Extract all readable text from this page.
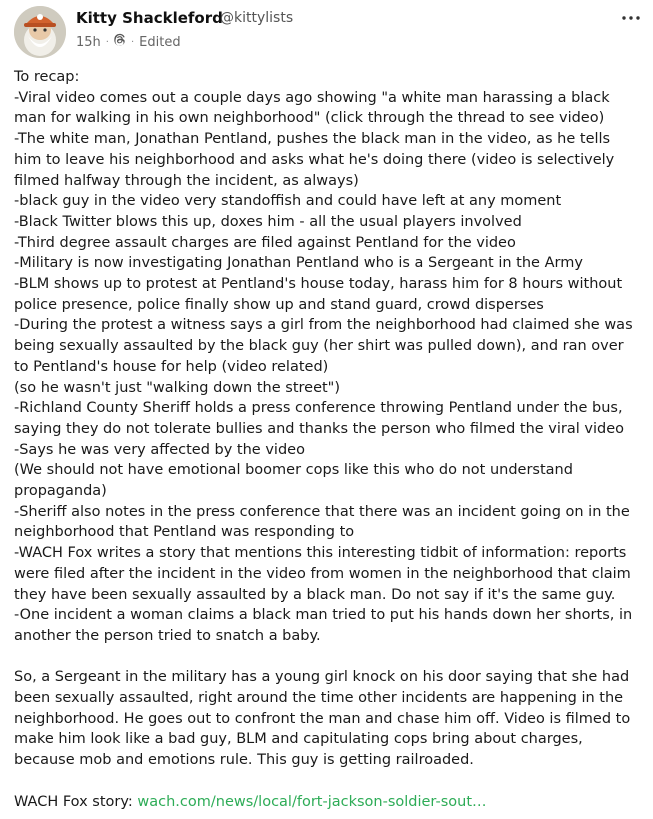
Kitty Shackleford
@kittylists
15h · · Edited

To recap:

-Viral video comes out a couple days ago showing "a white man harassing a black

man for walking in his own neighborhood" (click through the thread to see video)

-The white man, Jonathan Pentland, pushes the black man in the video, as he tells

him to leave his neighborhood and asks what he's doing there (video is selectively

filmed halfway through the incident, as always)

-black guy in the video very standoffish and could have left at any moment

-Black Twitter blows this up, doxes him - all the usual players involved

-Third degree assault charges are filed against Pentland for the video

-Military is now investigating Jonathan Pentland who is a Sergeant in the Army

-BLM shows up to protest at Pentland's house today, harass him for 8 hours without

police presence, police finally show up and stand guard, crowd disperses

-During the protest a witness says a girl from the neighborhood had claimed she was

being sexually assaulted by the black guy (her shirt was pulled down), and ran over

to Pentland's house for help (video related)

(so he wasn't just "walking down the street")

-Richland County Sheriff holds a press conference throwing Pentland under the bus,

saying they do not tolerate bullies and thanks the person who filmed the viral video

-Says he was very affected by the video

(We should not have emotional boomer cops like this who do not understand

propaganda)

-Sheriff also notes in the press conference that there was an incident going on in the

neighborhood that Pentland was responding to

-WACH Fox writes a story that mentions this interesting tidbit of information: reports

were filed after the incident in the video from women in the neighborhood that claim

they have been sexually assaulted by a black man. Do not say if it's the same guy.

-One incident a woman claims a black man tried to put his hands down her shorts, in

another the person tried to snatch a baby.

So, a Sergeant in the military has a young girl knock on his door saying that she had

been sexually assaulted, right around the time other incidents are happening in the

neighborhood. He goes out to confront the man and chase him off. Video is filmed to

make him look like a bad guy, BLM and capitulating cops bring about charges,

because mob and emotions rule. This guy is getting railroaded.

WACH Fox story: wach.com/news/local/fort-jackson-soldier-sout…
